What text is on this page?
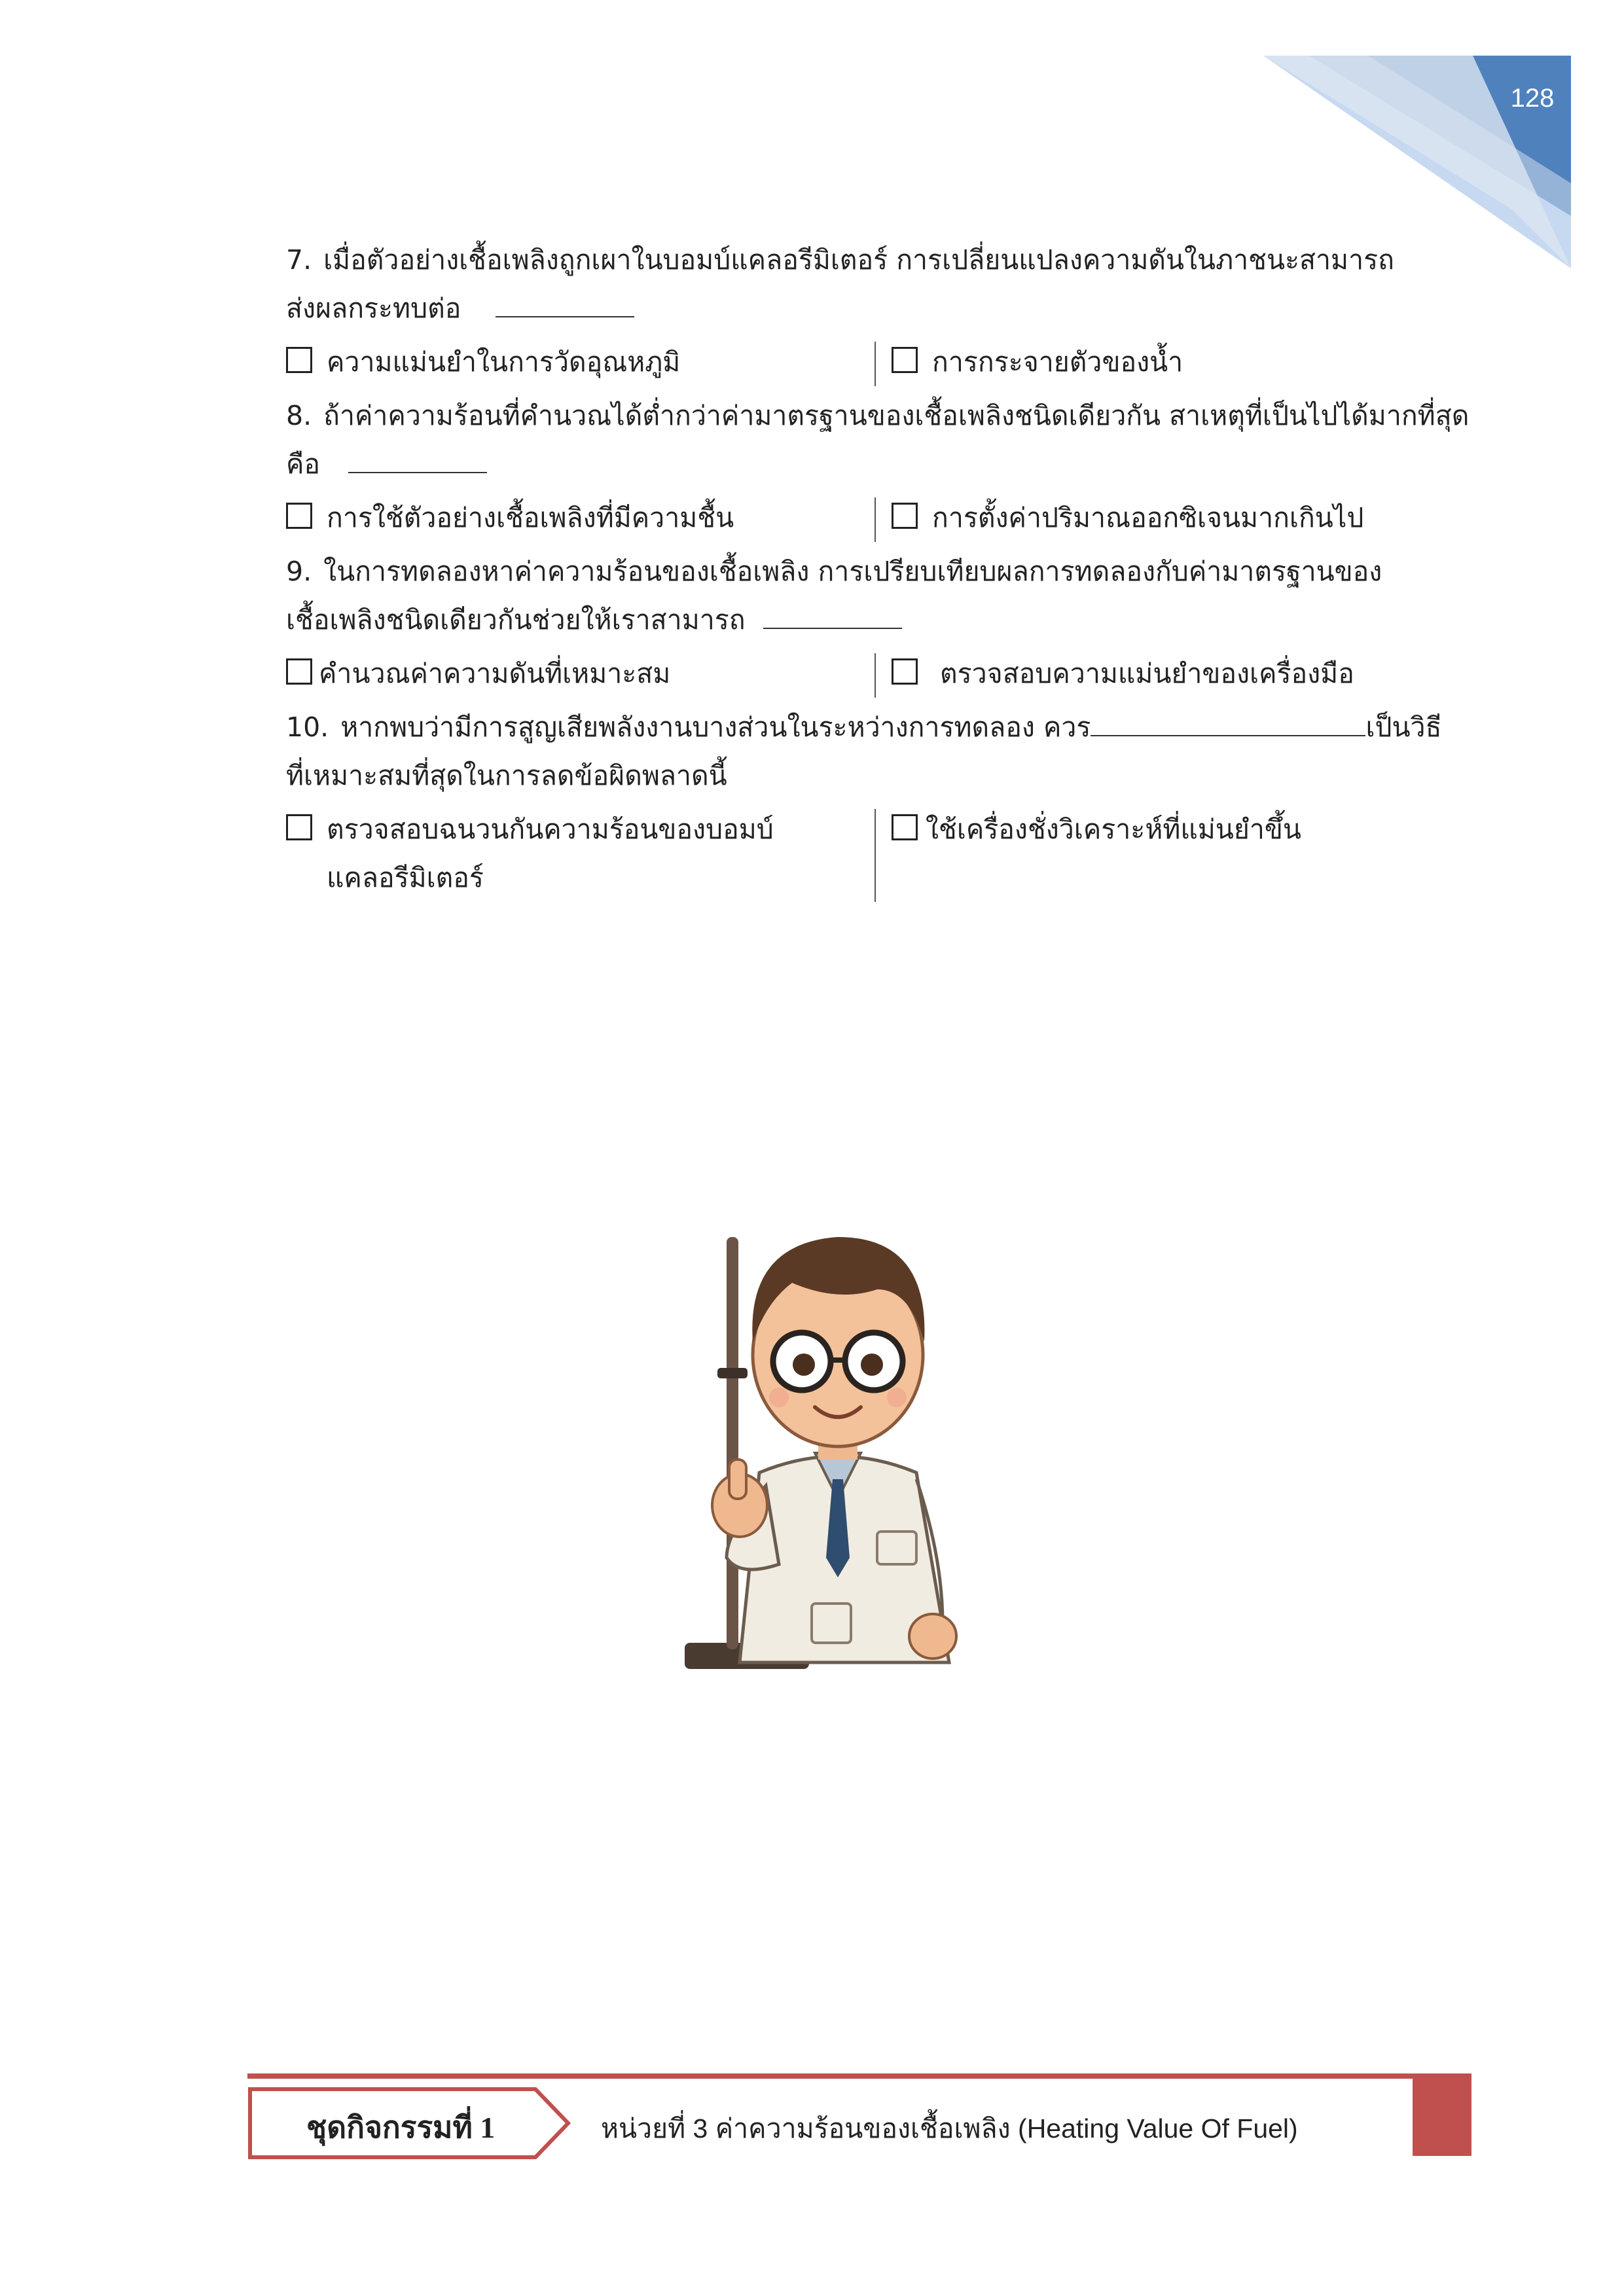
128

7. เมื่อตัวอย่างเชื้อเพลิงถูกเผาในบอมบ์แคลอรีมิเตอร์ การเปลี่ยนแปลงความดันในภาชนะสามารถ

ส่งผลกระทบต่อ

ความแม่นยำในการวัดอุณหภูมิ	การกระจายตัวของน้ำ

8. ถ้าค่าความร้อนที่คำนวณได้ต่ำกว่าค่ามาตรฐานของเชื้อเพลิงชนิดเดียวกัน สาเหตุที่เป็นไปได้มากที่สุด

คือ

การใช้ตัวอย่างเชื้อเพลิงที่มีความชื้น	การตั้งค่าปริมาณออกซิเจนมากเกินไป

9. ในการทดลองหาค่าความร้อนของเชื้อเพลิง การเปรียบเทียบผลการทดลองกับค่ามาตรฐานของ

เชื้อเพลิงชนิดเดียวกันช่วยให้เราสามารถ

คำนวณค่าความดันที่เหมาะสม	ตรวจสอบความแม่นยำของเครื่องมือ

10. หากพบว่ามีการสูญเสียพลังงานบางส่วนในระหว่างการทดลอง ควร	เป็นวิธี

ที่เหมาะสมที่สุดในการลดข้อผิดพลาดนี้

ตรวจสอบฉนวนกันความร้อนของบอมบ์แคลอรีมิเตอร์
ใช้เครื่องชั่งวิเคราะห์ที่แม่นยำขึ้น
ชุดกิจกรรมที่ 1	หน่วยที่ 3 ค่าความร้อนของเชื้อเพลิง (Heating Value Of Fuel)
